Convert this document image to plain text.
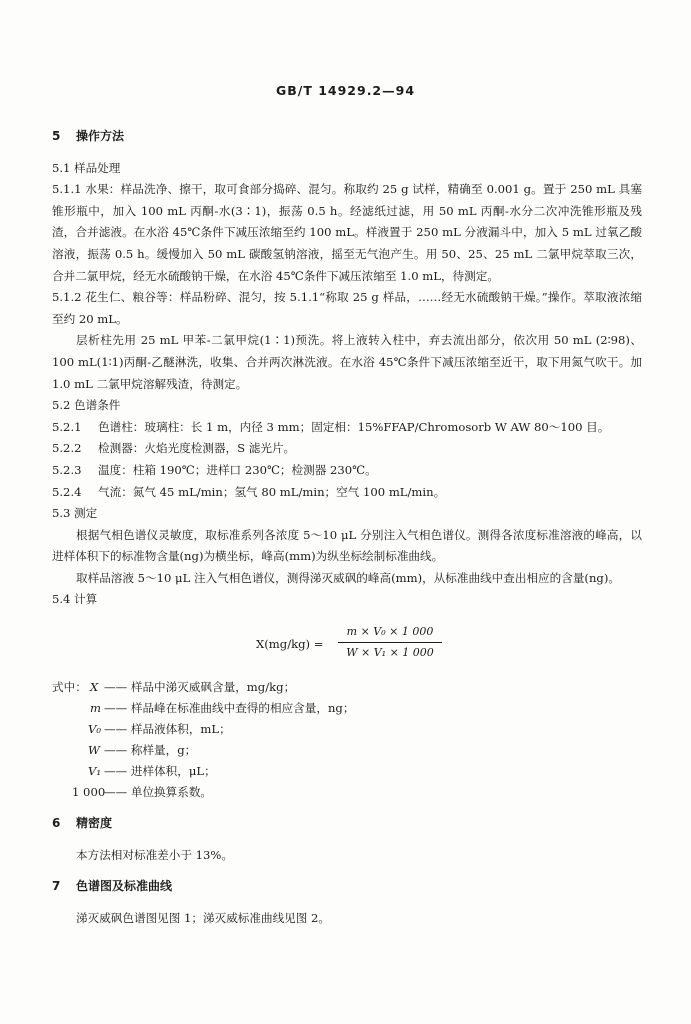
GB/T 14929.2—94
5 操作方法
5.1 样品处理

5.1.1 水果：样品洗净、擦干，取可食部分捣碎、混匀。称取约 25 g 试样，精确至 0.001 g。置于 250 mL 具塞锥形瓶中，加入 100 mL 丙酮-水(3∶1)，振荡 0.5 h。经滤纸过滤，用 50 mL 丙酮-水分二次冲洗锥形瓶及残渣，合并滤液。在水浴 45℃条件下减压浓缩至约 100 mL。样液置于 250 mL 分液漏斗中，加入 5 mL 过氧乙酸溶液，振荡 0.5 h。缓慢加入 50 mL 碳酸氢钠溶液，摇至无气泡产生。用 50、25、25 mL 二氯甲烷萃取三次，合并二氯甲烷，经无水硫酸钠干燥，在水浴 45℃条件下减压浓缩至 1.0 mL，待测定。

5.1.2 花生仁、粮谷等：样品粉碎、混匀，按 5.1.1“称取 25 g 样品，……经无水硫酸钠干燥。”操作。萃取液浓缩至约 20 mL。

层析柱先用 25 mL 甲苯-二氯甲烷(1∶1)预洗。将上液转入柱中，弃去流出部分，依次用 50 mL (2∶98)、100 mL(1∶1)丙酮-乙醚淋洗，收集、合并两次淋洗液。在水浴 45℃条件下减压浓缩至近干，取下用氮气吹干。加 1.0 mL 二氯甲烷溶解残渣，待测定。

5.2 色谱条件

5.2.1 色谱柱：玻璃柱：长 1 m，内径 3 mm；固定相：15%FFAP/Chromosorb W AW 80～100 目。

5.2.2 检测器：火焰光度检测器，S 滤光片。

5.2.3 温度：柱箱 190℃；进样口 230℃；检测器 230℃。

5.2.4 气流：氮气 45 mL/min；氢气 80 mL/min；空气 100 mL/min。

5.3 测定

根据气相色谱仪灵敏度，取标准系列各浓度 5～10 μL 分别注入气相色谱仪。测得各浓度标准溶液的峰高，以进样体积下的标准物含量(ng)为横坐标，峰高(mm)为纵坐标绘制标准曲线。

取样品溶液 5～10 μL 注入气相色谱仪，测得涕灭威砜的峰高(mm)，从标准曲线中查出相应的含量(ng)。

5.4 计算
X(mg/kg) =
m × V₀ × 1 000
W × V₁ × 1 000
式中： X —— 样品中涕灭威砜含量，mg/kg；
m —— 样品峰在标准曲线中查得的相应含量，ng；
V₀ —— 样品液体积，mL；
W —— 称样量，g；
V₁ —— 进样体积，μL；
1 000
—— 单位换算系数。
6 精密度

本方法相对标准差小于 13%。

7 色谱图及标准曲线

涕灭威砜色谱图见图 1；涕灭威标准曲线见图 2。
